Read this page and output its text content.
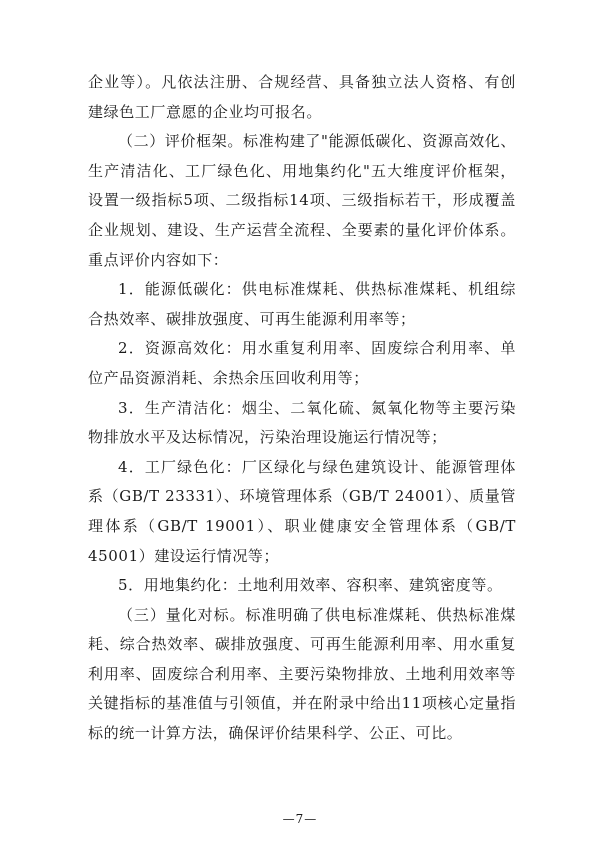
企业等）。凡依法注册、合规经营、具备独立法人资格、有创建绿色工厂意愿的企业均可报名。

（二）评价框架。标准构建了"能源低碳化、资源高效化、生产清洁化、工厂绿色化、用地集约化"五大维度评价框架，设置一级指标5项、二级指标14项、三级指标若干，形成覆盖企业规划、建设、生产运营全流程、全要素的量化评价体系。重点评价内容如下：

1．能源低碳化：供电标准煤耗、供热标准煤耗、机组综合热效率、碳排放强度、可再生能源利用率等；

2．资源高效化：用水重复利用率、固废综合利用率、单位产品资源消耗、余热余压回收利用等；

3．生产清洁化：烟尘、二氧化硫、氮氧化物等主要污染物排放水平及达标情况，污染治理设施运行情况等；

4．工厂绿色化：厂区绿化与绿色建筑设计、能源管理体系（GB/T 23331）、环境管理体系（GB/T 24001）、质量管理体系（GB/T 19001）、职业健康安全管理体系（GB/T 45001）建设运行情况等；

5．用地集约化：土地利用效率、容积率、建筑密度等。

（三）量化对标。标准明确了供电标准煤耗、供热标准煤耗、综合热效率、碳排放强度、可再生能源利用率、用水重复利用率、固废综合利用率、主要污染物排放、土地利用效率等关键指标的基准值与引领值，并在附录中给出11项核心定量指标的统一计算方法，确保评价结果科学、公正、可比。

—7—
